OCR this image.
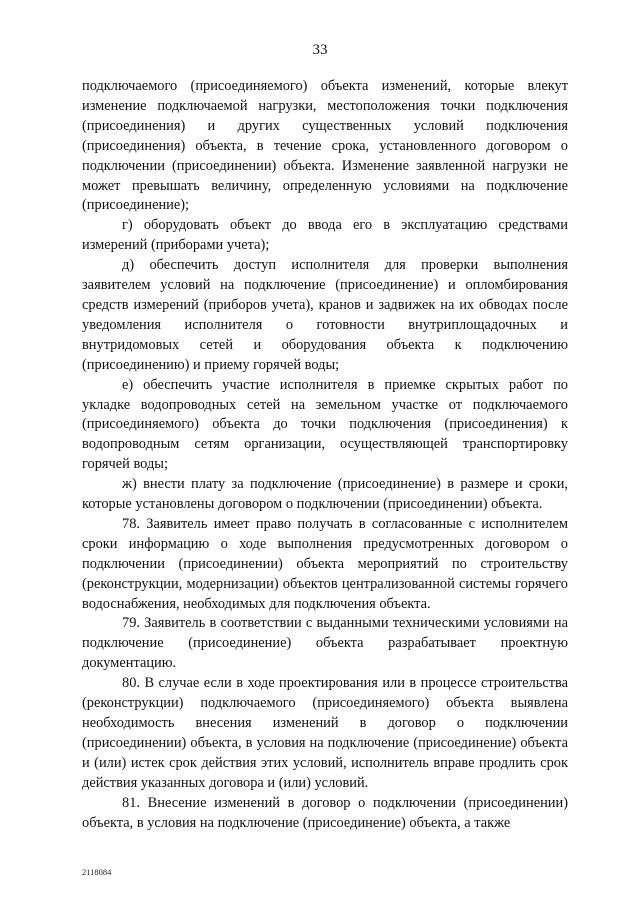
33

подключаемого (присоединяемого) объекта изменений, которые влекут изменение подключаемой нагрузки, местоположения точки подключения (присоединения) и других существенных условий подключения (присоединения) объекта, в течение срока, установленного договором о подключении (присоединении) объекта. Изменение заявленной нагрузки не может превышать величину, определенную условиями на подключение (присоединение);

г) оборудовать объект до ввода его в эксплуатацию средствами измерений (приборами учета);

д) обеспечить доступ исполнителя для проверки выполнения заявителем условий на подключение (присоединение) и опломбирования средств измерений (приборов учета), кранов и задвижек на их обводах после уведомления исполнителя о готовности внутриплощадочных и внутридомовых сетей и оборудования объекта к подключению (присоединению) и приему горячей воды;

е) обеспечить участие исполнителя в приемке скрытых работ по укладке водопроводных сетей на земельном участке от подключаемого (присоединяемого) объекта до точки подключения (присоединения) к водопроводным сетям организации, осуществляющей транспортировку горячей воды;

ж) внести плату за подключение (присоединение) в размере и сроки, которые установлены договором о подключении (присоединении) объекта.

78. Заявитель имеет право получать в согласованные с исполнителем сроки информацию о ходе выполнения предусмотренных договором о подключении (присоединении) объекта мероприятий по строительству (реконструкции, модернизации) объектов централизованной системы горячего водоснабжения, необходимых для подключения объекта.

79. Заявитель в соответствии с выданными техническими условиями на подключение (присоединение) объекта разрабатывает проектную документацию.

80. В случае если в ходе проектирования или в процессе строительства (реконструкции) подключаемого (присоединяемого) объекта выявлена необходимость внесения изменений в договор о подключении (присоединении) объекта, в условия на подключение (присоединение) объекта и (или) истек срок действия этих условий, исполнитель вправе продлить срок действия указанных договора и (или) условий.

81. Внесение изменений в договор о подключении (присоединении) объекта, в условия на подключение (присоединение) объекта, а также

2118084
